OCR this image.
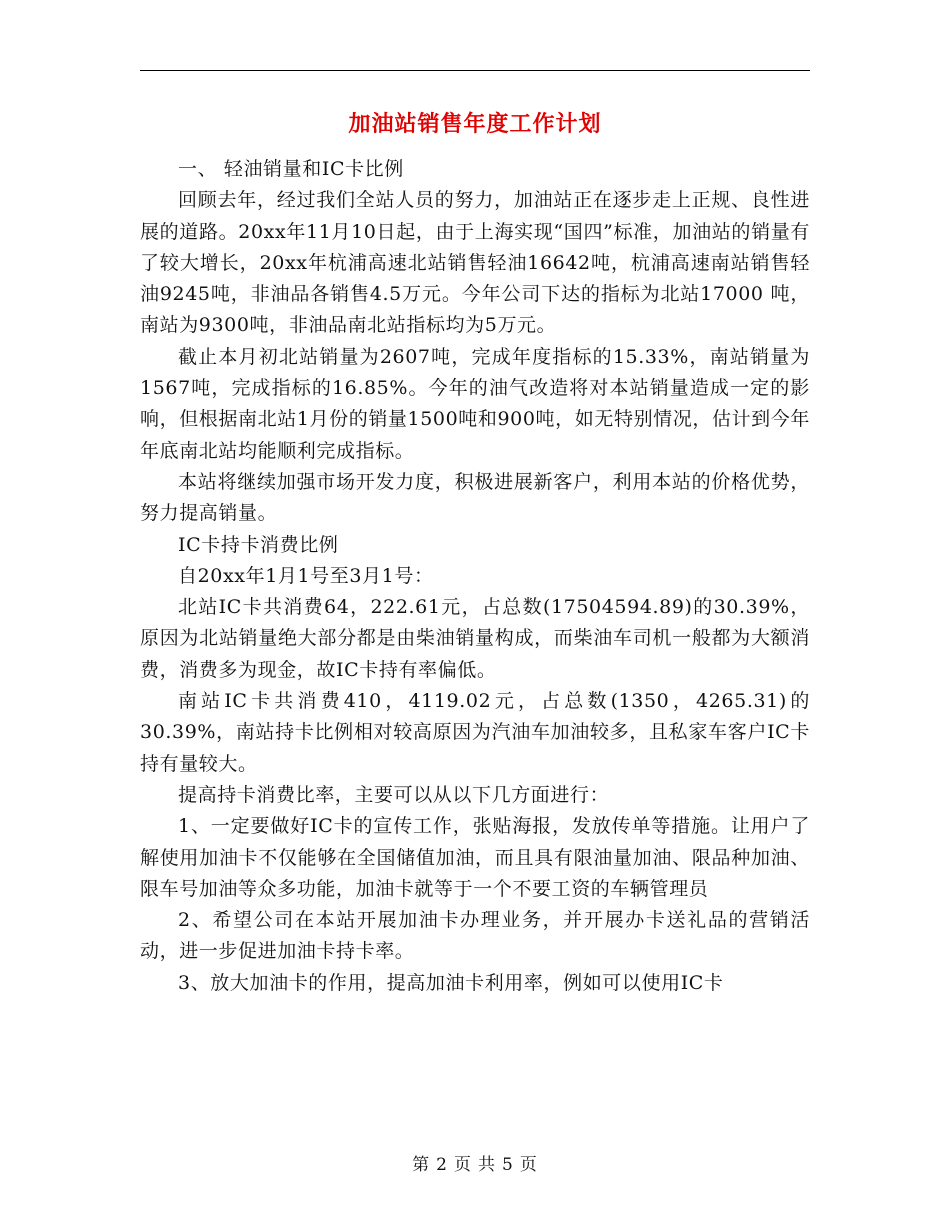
加油站销售年度工作计划

一、 轻油销量和IC卡比例

回顾去年，经过我们全站人员的努力，加油站正在逐步走上正规、良性进展的道路。20xx年11月10日起，由于上海实现“国四”标准，加油站的销量有了较大增长，20xx年杭浦高速北站销售轻油16642吨，杭浦高速南站销售轻油9245吨，非油品各销售4.5万元。今年公司下达的指标为北站17000 吨，南站为9300吨，非油品南北站指标均为5万元。

截止本月初北站销量为2607吨，完成年度指标的15.33%，南站销量为1567吨，完成指标的16.85%。今年的油气改造将对本站销量造成一定的影响，但根据南北站1月份的销量1500吨和900吨，如无特别情况，估计到今年年底南北站均能顺利完成指标。

本站将继续加强市场开发力度，积极进展新客户，利用本站的价格优势，努力提高销量。

IC卡持卡消费比例

自20xx年1月1号至3月1号：

北站IC卡共消费64，222.61元，占总数(17504594.89)的30.39%，原因为北站销量绝大部分都是由柴油销量构成，而柴油车司机一般都为大额消费，消费多为现金，故IC卡持有率偏低。

南站IC卡共消费410，4119.02元，占总数(1350，4265.31)的30.39%，南站持卡比例相对较高原因为汽油车加油较多，且私家车客户IC卡持有量较大。

提高持卡消费比率，主要可以从以下几方面进行：

1、一定要做好IC卡的宣传工作，张贴海报，发放传单等措施。让用户了解使用加油卡不仅能够在全国储值加油，而且具有限油量加油、限品种加油、限车号加油等众多功能，加油卡就等于一个不要工资的车辆管理员

2、希望公司在本站开展加油卡办理业务，并开展办卡送礼品的营销活动，进一步促进加油卡持卡率。

3、放大加油卡的作用，提高加油卡利用率，例如可以使用IC卡

第 2 页 共 5 页
